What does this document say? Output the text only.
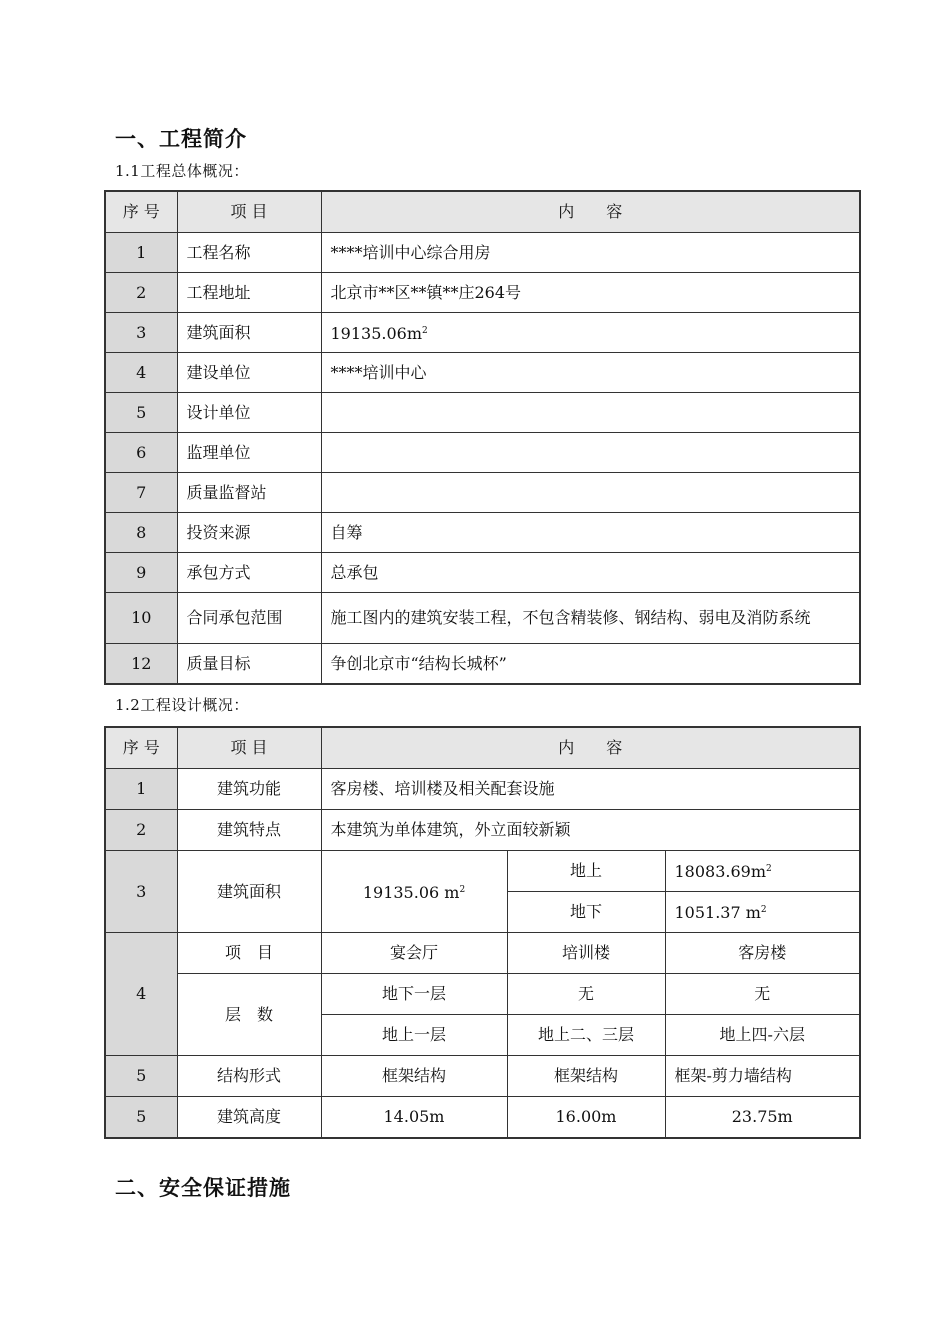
一、工程简介

1.1工程总体概况：

序 号	项 目	内　　容
1	工程名称	****培训中心综合用房
2	工程地址	北京市**区**镇**庄264号
3	建筑面积	$19135.06m^2$
4	建设单位	****培训中心
5	设计单位	
6	监理单位	
7	质量监督站	
8	投资来源	自筹
9	承包方式	总承包
10	合同承包范围	施工图内的建筑安装工程，不包含精装修、钢结构、弱电及消防系统
12	质量目标	争创北京市“结构长城杯”

1.2工程设计概况：

序 号	项 目	内　　容		
1	建筑功能	客房楼、培训楼及相关配套设施		
2	建筑特点	本建筑为单体建筑，外立面较新颖		
3	建筑面积	19135.06 $m^2$	地上	$18083.69m^2$
			地下	1051.37 $m^2$
4	项　目	宴会厅	培训楼	客房楼
	层　数	地下一层	无	无
		地上一层	地上二、三层	地上四-六层
5	结构形式	框架结构	框架结构	框架-剪力墙结构
5	建筑高度	14.05m	16.00m	23.75m
二、安全保证措施
